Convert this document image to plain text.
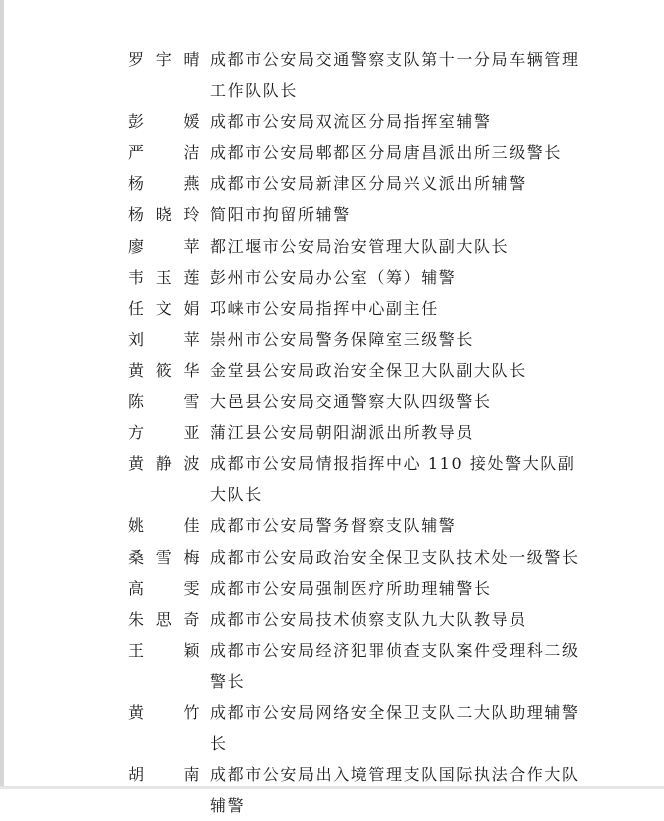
罗宇晴 成都市公安局交通警察支队第十一分局车辆管理工作队队长
彭　媛 成都市公安局双流区分局指挥室辅警
严　洁 成都市公安局郫都区分局唐昌派出所三级警长
杨　燕 成都市公安局新津区分局兴义派出所辅警
杨晓玲 简阳市拘留所辅警
廖　苹 都江堰市公安局治安管理大队副大队长
韦玉莲 彭州市公安局办公室（筹）辅警
任文娟 邛崃市公安局指挥中心副主任
刘　苹 崇州市公安局警务保障室三级警长
黄筱华 金堂县公安局政治安全保卫大队副大队长
陈　雪 大邑县公安局交通警察大队四级警长
方　亚 蒲江县公安局朝阳湖派出所教导员
黄静波 成都市公安局情报指挥中心 110 接处警大队副大队长
姚　佳 成都市公安局警务督察支队辅警
桑雪梅 成都市公安局政治安全保卫支队技术处一级警长
高　雯 成都市公安局强制医疗所助理辅警长
朱思奇 成都市公安局技术侦察支队九大队教导员
王　颖 成都市公安局经济犯罪侦查支队案件受理科二级警长
黄　竹 成都市公安局网络安全保卫支队二大队助理辅警长
胡　南 成都市公安局出入境管理支队国际执法合作大队辅警
